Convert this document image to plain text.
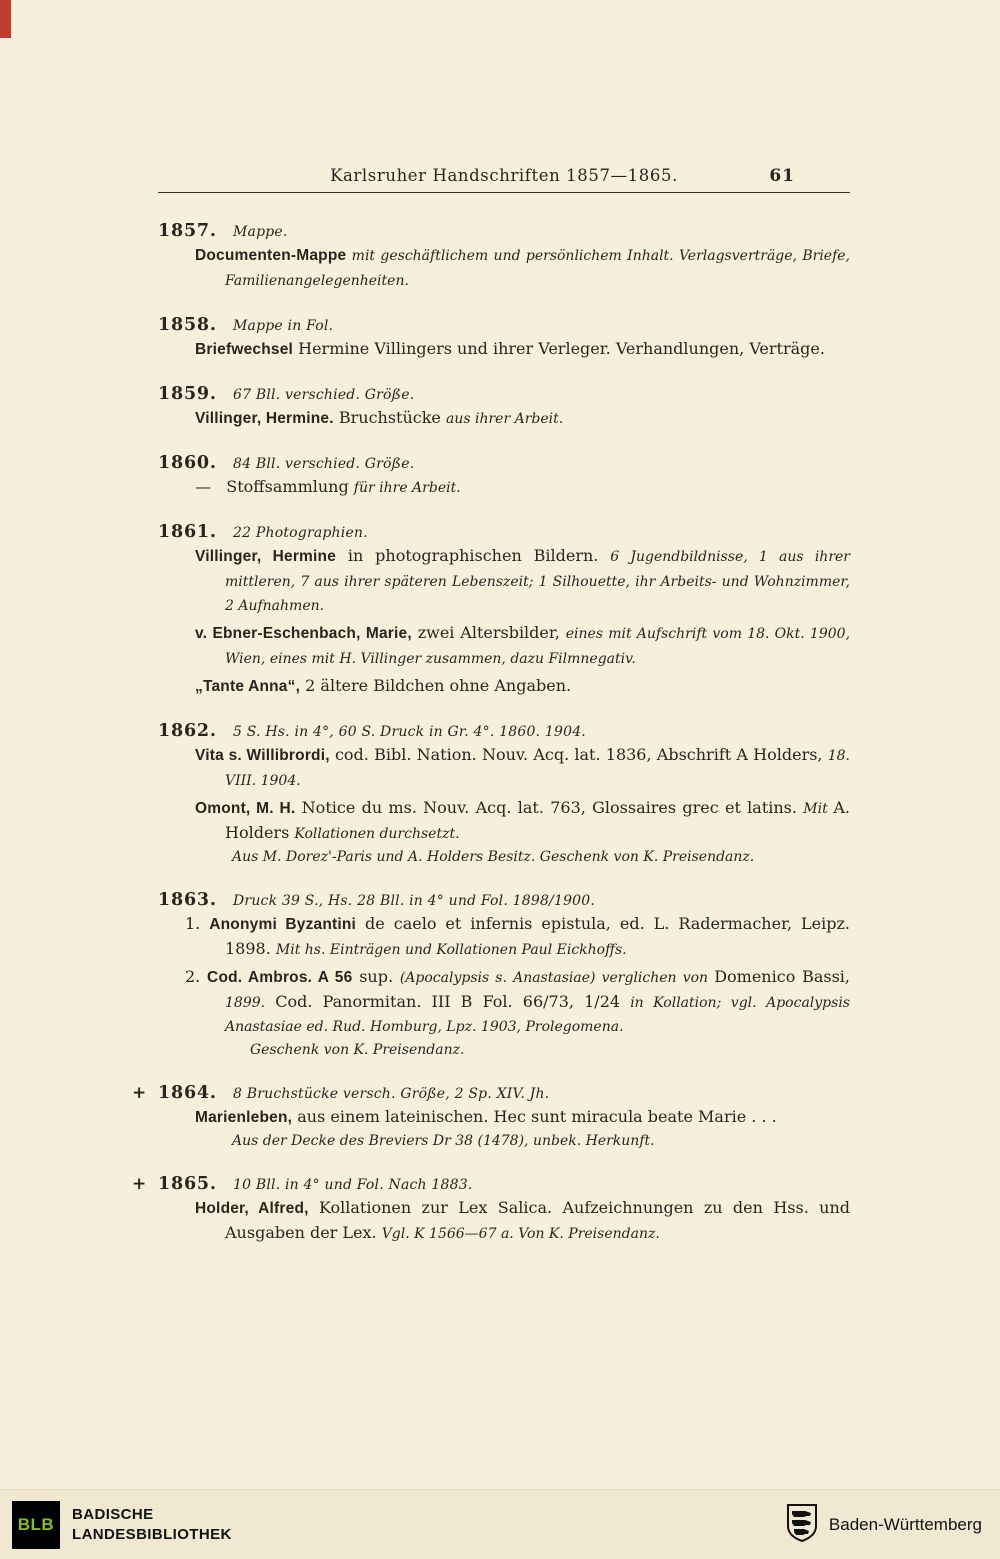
Karlsruher Handschriften 1857—1865.	61
1857. Mappe.
Documenten-Mappe mit geschäftlichem und persönlichem Inhalt. Verlagsverträge, Briefe, Familienangelegenheiten.
1858. Mappe in Fol.
Briefwechsel Hermine Villingers und ihrer Verleger. Verhandlungen, Verträge.
1859. 67 Bll. verschied. Größe.
Villinger, Hermine. Bruchstücke aus ihrer Arbeit.
1860. 84 Bll. verschied. Größe.
—   Stoffsammlung für ihre Arbeit.
1861. 22 Photographien.
Villinger, Hermine in photographischen Bildern. 6 Jugendbildnisse, 1 aus ihrer mittleren, 7 aus ihrer späteren Lebenszeit; 1 Silhouette, ihr Arbeits- und Wohnzimmer, 2 Aufnahmen.
v. Ebner-Eschenbach, Marie, zwei Altersbilder, eines mit Aufschrift vom 18. Okt. 1900, Wien, eines mit H. Villinger zusammen, dazu Filmnegativ.
„Tante Anna“, 2 ältere Bildchen ohne Angaben.
1862. 5 S. Hs. in 4°, 60 S. Druck in Gr. 4°. 1860. 1904.
Vita s. Willibrordi, cod. Bibl. Nation. Nouv. Acq. lat. 1836, Abschrift A Holders, 18. VIII. 1904.
Omont, M. H. Notice du ms. Nouv. Acq. lat. 763, Glossaires grec et latins. Mit A. Holders Kollationen durchsetzt.
Aus M. Dorez'-Paris und A. Holders Besitz. Geschenk von K. Preisendanz.
1863. Druck 39 S., Hs. 28 Bll. in 4° und Fol. 1898/1900.
1. Anonymi Byzantini de caelo et infernis epistula, ed. L. Radermacher, Leipz. 1898. Mit hs. Einträgen und Kollationen Paul Eickhoffs.
2. Cod. Ambros. A 56 sup. (Apocalypsis s. Anastasiae) verglichen von Domenico Bassi, 1899. Cod. Panormitan. III B Fol. 66/73, 1/24 in Kollation; vgl. Apocalypsis Anastasiae ed. Rud. Homburg, Lpz. 1903, Prolegomena.
Geschenk von K. Preisendanz.
+ 1864. 8 Bruchstücke versch. Größe, 2 Sp. XIV. Jh.
Marienleben, aus einem lateinischen. Hec sunt miracula beate Marie . . .
Aus der Decke des Breviers Dr 38 (1478), unbek. Herkunft.
+ 1865. 10 Bll. in 4° und Fol. Nach 1883.
Holder, Alfred, Kollationen zur Lex Salica. Aufzeichnungen zu den Hss. und Ausgaben der Lex. Vgl. K 1566—67 a. Von K. Preisendanz.
BLB BADISCHE
LANDESBIBLIOTHEK
Baden-Württemberg
